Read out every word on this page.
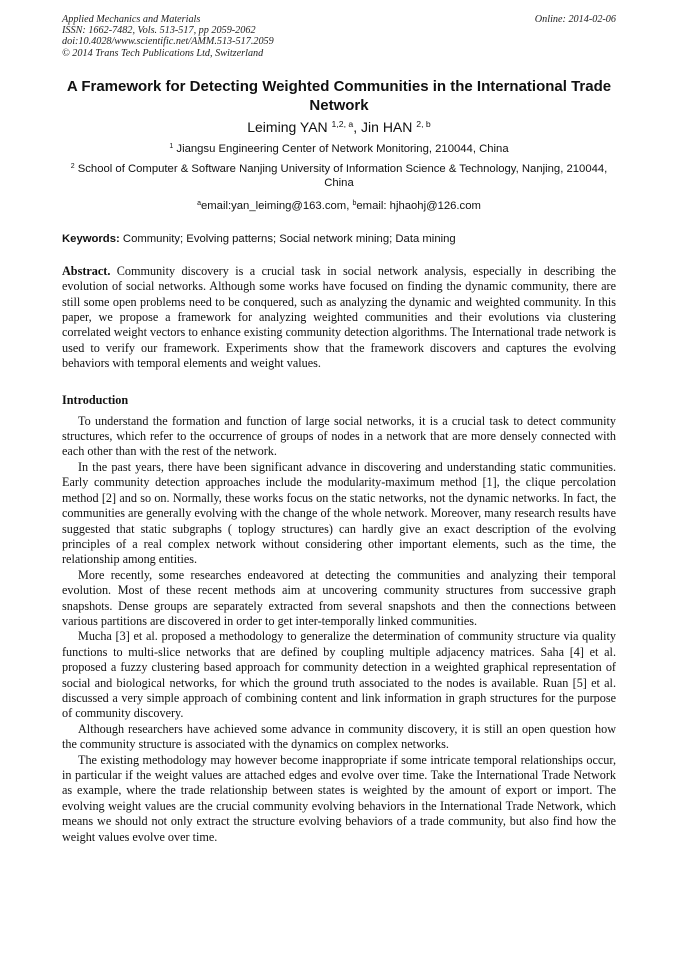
Applied Mechanics and Materials
ISSN: 1662-7482, Vols. 513-517, pp 2059-2062
doi:10.4028/www.scientific.net/AMM.513-517.2059
© 2014 Trans Tech Publications Ltd, Switzerland
Online: 2014-02-06
A Framework for Detecting Weighted Communities in the International Trade Network
Leiming YAN $^{1,2, a}$, Jin HAN $^{2, b}$
$^1$ Jiangsu Engineering Center of Network Monitoring, 210044, China
$^2$ School of Computer & Software Nanjing University of Information Science & Technology, Nanjing, 210044, China
$^a$email:yan_leiming@163.com, $^b$email: hjhaohj@126.com
Keywords: Community; Evolving patterns; Social network mining; Data mining

Abstract. Community discovery is a crucial task in social network analysis, especially in describing the evolution of social networks. Although some works have focused on finding the dynamic community, there are still some open problems need to be conquered, such as analyzing the dynamic and weighted community. In this paper, we propose a framework for analyzing weighted communities and their evolutions via clustering correlated weight vectors to enhance existing community detection algorithms. The International trade network is used to verify our framework. Experiments show that the framework discovers and captures the evolving behaviors with temporal elements and weight values.

Introduction

To understand the formation and function of large social networks, it is a crucial task to detect community structures, which refer to the occurrence of groups of nodes in a network that are more densely connected with each other than with the rest of the network.

In the past years, there have been significant advance in discovering and understanding static communities. Early community detection approaches include the modularity-maximum method [1], the clique percolation method [2] and so on. Normally, these works focus on the static networks, not the dynamic networks. In fact, the communities are generally evolving with the change of the whole network. Moreover, many research results have suggested that static subgraphs ( toplogy structures) can hardly give an exact description of the evolving principles of a real complex network without considering other important elements, such as the time, the relationship among entities.

More recently, some researches endeavored at detecting the communities and analyzing their temporal evolution. Most of these recent methods aim at uncovering community structures from successive graph snapshots. Dense groups are separately extracted from several snapshots and then the connections between various partitions are discovered in order to get inter-temporally linked communities.

Mucha [3] et al. proposed a methodology to generalize the determination of community structure via quality functions to multi-slice networks that are defined by coupling multiple adjacency matrices. Saha [4] et al. proposed a fuzzy clustering based approach for community detection in a weighted graphical representation of social and biological networks, for which the ground truth associated to the nodes is available. Ruan [5] et al. discussed a very simple approach of combining content and link information in graph structures for the purpose of community discovery.

Although researchers have achieved some advance in community discovery, it is still an open question how the community structure is associated with the dynamics on complex networks.

The existing methodology may however become inappropriate if some intricate temporal relationships occur, in particular if the weight values are attached edges and evolve over time. Take the International Trade Network as example, where the trade relationship between states is weighted by the amount of export or import. The evolving weight values are the crucial community evolving behaviors in the International Trade Network, which means we should not only extract the structure evolving behaviors of a trade community, but also find how the weight values evolve over time.
